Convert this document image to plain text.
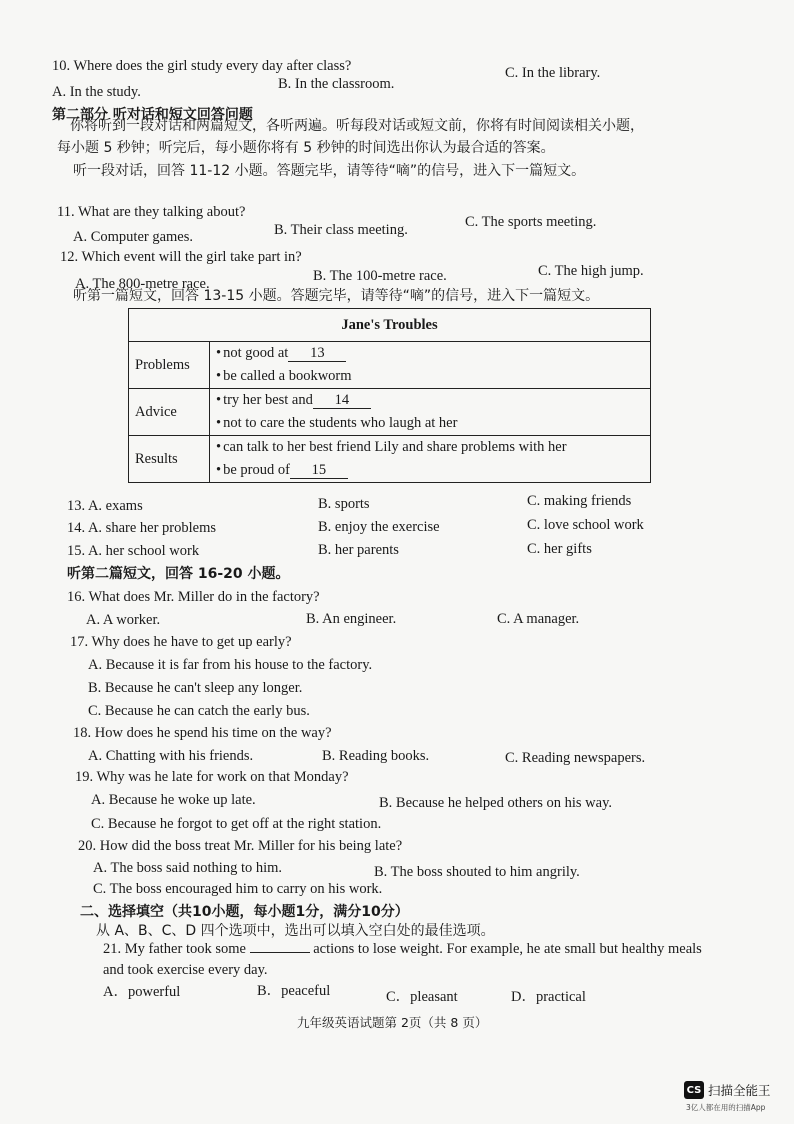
10. Where does the girl study every day after class?
A. In the study.	B. In the classroom.
C. In the library.
第二部分 听对话和短文回答问题
你将听到一段对话和两篇短文，各听两遍。听每段对话或短文前，你将有时间阅读相关小题，
每小题 5 秒钟；听完后，每小题你将有 5 秒钟的时间选出你认为最合适的答案。
听一段对话，回答 11-12 小题。答题完毕，请等待“嘀”的信号，进入下一篇短文。
11. What are they talking about?
A. Computer games.	B. Their class meeting.	C. The sports meeting.
12. Which event will the girl take part in?
A. The 800-metre race.	B. The 100-metre race.	C. The high jump.
听第一篇短文，回答 13-15 小题。答题完毕，请等待“嘀”的信号，进入下一篇短文。
Jane's Troubles	
Problems	• not good at 13
• be called a bookworm

Advice	• try her best and 14
• not to care the students who laugh at her

Results	• can talk to her best friend Lily and share problems with her
• be proud of 15
13. A. exams	B. sports	C. making friends
14. A. share her problems	B. enjoy the exercise	C. love school work
15. A. her school work	B. her parents	C. her gifts
听第二篇短文，回答 16-20 小题。
16. What does Mr. Miller do in the factory?
A. A worker.	B. An engineer.	C. A manager.
17. Why does he have to get up early?
A. Because it is far from his house to the factory.
B. Because he can't sleep any longer.
C. Because he can catch the early bus.
18. How does he spend his time on the way?
A. Chatting with his friends.	B. Reading books.	C. Reading newspapers.
19. Why was he late for work on that Monday?
A. Because he woke up late.	B. Because he helped others on his way.
C. Because he forgot to get off at the right station.
20. How did the boss treat Mr. Miller for his being late?
A. The boss said nothing to him.	B. The boss shouted to him angrily.
C. The boss encouraged him to carry on his work.
二、选择填空（共10小题，每小题1分，满分10分）
从 A、B、C、D 四个选项中，选出可以填入空白处的最佳选项。
21. My father took some	actions to lose weight. For example, he ate small but healthy meals
and took exercise every day.
A．powerful	B．peaceful	C．pleasant	D．practical
九年级英语试题第 2页（共 8 页）
CS 扫描全能王
3亿人都在用的扫描App
